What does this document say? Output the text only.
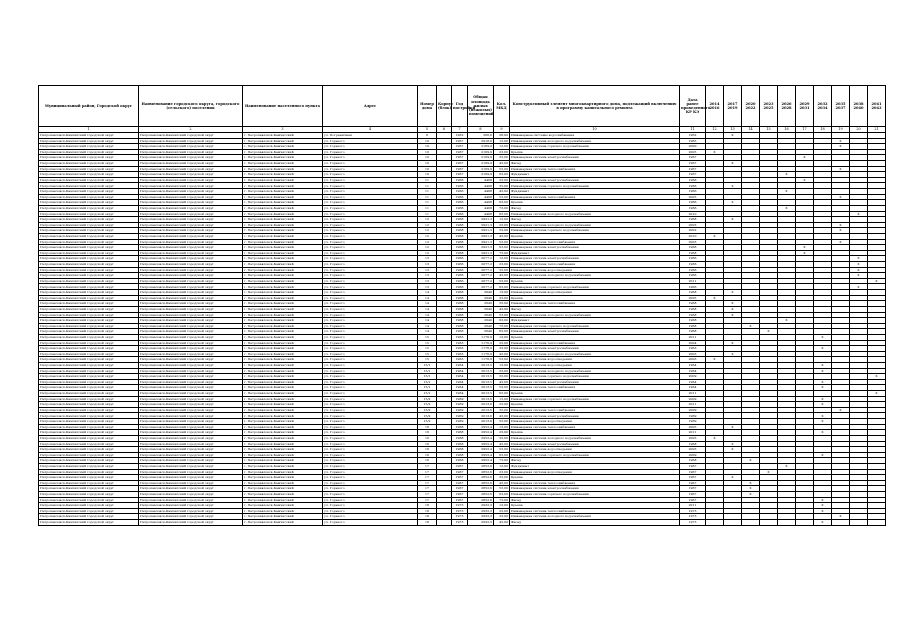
Муниципальный район, Городской округ	Наименование городского округа, городского (сельского) поселения	Наименование населенного пункта	Адрес	Номер дома	Корпус (блок)	Год постройки	Общая площадь жилых (нежилых) помещений	Кол. МКД	Конструктивный элемент многоквартирного дома, подлежащий включению в программу капитального ремонта	Дата ранее проведенного КР КЭ	2014 2016	2017 2019	2020 2022	2023 2025	2026 2028	2029 2031	2032 2034	2035 2037	2038 2040	2041 2043
1	2	3	4	5	6	7	8	9	10	11	12	13	14	15	16	17	18	19	20	21
Петропавловск-Камчатский городской округ	Петропавловск-Камчатский городской округ	г. Петропавловск-Камчатский	ул. Пограничная	8		1962	306,6	28,00	Инженерные системы водоснабжения	1962		X								
Петропавловск-Камчатский городской округ	Петропавловск-Камчатский городской округ	г. Петропавловск-Камчатский	ул. Горького	10		1967	2918,0	12,00	Инженерная система холодного водоснабжения	1965								X		
Петропавловск-Камчатский городской округ	Петропавловск-Камчатский городской округ	г. Петропавловск-Камчатский	ул. Горького	10		1967	2169,9	13,00	Инженерная система горячего водоснабжения	2000								X		
Петропавловск-Камчатский городской округ	Петропавловск-Камчатский городской округ	г. Петропавловск-Камчатский	ул. Горького	10		1967	2169,9	23,00	Крыша	2005	X									
Петропавловск-Камчатский городской округ	Петропавловск-Камчатский городской округ	г. Петропавловск-Камчатский	ул. Горького	10		1967	2169,9	33,00	Инженерная система электроснабжения	1967						X				
Петропавловск-Камчатский городской округ	Петропавловск-Камчатский городской округ	г. Петропавловск-Камчатский	ул. Горького	10		1967	2169,9	43,00	Фасад	1967		X								
Петропавловск-Камчатский городской округ	Петропавловск-Камчатский городской округ	г. Петропавловск-Камчатский	ул. Горького	10		1967	2169,9	53,00	Инженерная система теплоснабжения	1967								X		
Петропавловск-Камчатский городской округ	Петропавловск-Камчатский городской округ	г. Петропавловск-Камчатский	ул. Горького	10		1967	2169,9	63,00	Фундамент	1967					X					
Петропавловск-Камчатский городской округ	Петропавловск-Камчатский городской округ	г. Петропавловск-Камчатский	ул. Горького	11		1966	4408	23,00	Инженерная система электроснабжения	1966						X				
Петропавловск-Камчатский городской округ	Петропавловск-Камчатский городской округ	г. Петропавловск-Камчатский	ул. Горького	11		1966	4408	33,00	Инженерная система горячего водоснабжения	1966		X								
Петропавловск-Камчатский городской округ	Петропавловск-Камчатский городской округ	г. Петропавловск-Камчатский	ул. Горького	11		1966	4408	43,00	Фундамент	1966					X					
Петропавловск-Камчатский городской округ	Петропавловск-Камчатский городской округ	г. Петропавловск-Камчатский	ул. Горького	11		1966	4408	53,00	Инженерная система теплоснабжения	2005								X		
Петропавловск-Камчатский городской округ	Петропавловск-Камчатский городской округ	г. Петропавловск-Камчатский	ул. Горького	11		1966	4408	63,00	Крыша	1966		X								
Петропавловск-Камчатский городской округ	Петропавловск-Камчатский городской округ	г. Петропавловск-Камчатский	ул. Горького	11		1966	4408	73,00	Фасад	1966					X					
Петропавловск-Камчатский городской округ	Петропавловск-Камчатский городской округ	г. Петропавловск-Камчатский	ул. Горького	11		1966	4408	83,00	Инженерная система холодного водоснабжения	2010									X	
Петропавловск-Камчатский городской округ	Петропавловск-Камчатский городской округ	г. Петропавловск-Камчатский	ул. Горького	12		1968	2921,3	13,00	Фасад	1968		X								
Петропавловск-Камчатский городской округ	Петропавловск-Камчатский городской округ	г. Петропавловск-Камчатский	ул. Горького	12		1968	2921,3	23,00	Инженерная система холодного водоснабжения	2003								X		
Петропавловск-Камчатский городской округ	Петропавловск-Камчатский городской округ	г. Петропавловск-Камчатский	ул. Горького	12		1968	2921,3	33,00	Инженерная система горячего водоснабжения	2002								X		
Петропавловск-Камчатский городской округ	Петропавловск-Камчатский городской округ	г. Петропавловск-Камчатский	ул. Горького	12		1968	2921,3	43,00	Крыша	2010	X									
Петропавловск-Камчатский городской округ	Петропавловск-Камчатский городской округ	г. Петропавловск-Камчатский	ул. Горького	12		1968	2921,3	53,00	Инженерная система теплоснабжения	2003								X		
Петропавловск-Камчатский городской округ	Петропавловск-Камчатский городской округ	г. Петропавловск-Камчатский	ул. Горького	12		1968	2921,3	63,00	Инженерная система электроснабжения	1968						X				
Петропавловск-Камчатский городской округ	Петропавловск-Камчатский городской округ	г. Петропавловск-Камчатский	ул. Горького	12		1968	2921,3	73,00	Фундамент	1968						X				
Петропавловск-Камчатский городской округ	Петропавловск-Камчатский городской округ	г. Петропавловск-Камчатский	ул. Горького	13		1966	2077,2	13,00	Инженерная система электроснабжения	1966									X	
Петропавловск-Камчатский городской округ	Петропавловск-Камчатский городской округ	г. Петропавловск-Камчатский	ул. Горького	13		1966	2077,2	23,00	Инженерная система теплоснабжения	1966									X	
Петропавловск-Камчатский городской округ	Петропавловск-Камчатский городской округ	г. Петропавловск-Камчатский	ул. Горького	13		1966	2077,2	33,00	Инженерная система водоотведения	1966									X	
Петропавловск-Камчатский городской округ	Петропавловск-Камчатский городской округ	г. Петропавловск-Камчатский	ул. Горького	13		1966	2077,2	43,00	Инженерная система холодного водоснабжения	1966									X	
Петропавловск-Камчатский городской округ	Петропавловск-Камчатский городской округ	г. Петропавловск-Камчатский	ул. Горького	13		1966	2077,2	53,00	Крыша	2011										X
Петропавловск-Камчатский городской округ	Петропавловск-Камчатский городской округ	г. Петропавловск-Камчатский	ул. Горького	13		1966	2077,2	63,00	Инженерная система горячего водоснабжения	1966									X	
Петропавловск-Камчатский городской округ	Петропавловск-Камчатский городской округ	г. Петропавловск-Камчатский	ул. Горького	14		1968	2640	13,00	Инженерная система водоотведения	1968		X								
Петропавловск-Камчатский городской округ	Петропавловск-Камчатский городской округ	г. Петропавловск-Камчатский	ул. Горького	14		1968	2640	23,00	Крыша	2005	X									
Петропавловск-Камчатский городской округ	Петропавловск-Камчатский городской округ	г. Петропавловск-Камчатский	ул. Горького	14		1968	2640	33,00	Инженерная система теплоснабжения	1968		X								
Петропавловск-Камчатский городской округ	Петропавловск-Камчатский городской округ	г. Петропавловск-Камчатский	ул. Горького	14		1968	2640	43,00	Фасад	1968		X								
Петропавловск-Камчатский городской округ	Петропавловск-Камчатский городской округ	г. Петропавловск-Камчатский	ул. Горького	14		1968	2640	53,00	Инженерная система холодного водоснабжения	1968		X								
Петропавловск-Камчатский городской округ	Петропавловск-Камчатский городской округ	г. Петропавловск-Камчатский	ул. Горького	14		1968	2640	63,00	Фундамент	1968					X					
Петропавловск-Камчатский городской округ	Петропавловск-Камчатский городской округ	г. Петропавловск-Камчатский	ул. Горького	14		1968	2640	73,00	Инженерная система горячего водоснабжения	1968			X							
Петропавловск-Камчатский городской округ	Петропавловск-Камчатский городской округ	г. Петропавловск-Камчатский	ул. Горького	14		1968	2640	83,00	Инженерная система электроснабжения	1968				X						
Петропавловск-Камчатский городской округ	Петропавловск-Камчатский городской округ	г. Петропавловск-Камчатский	ул. Горького	15		1963	1176,9	13,00	Крыша	2011							X			
Петропавловск-Камчатский городской округ	Петропавловск-Камчатский городской округ	г. Петропавловск-Камчатский	ул. Горького	15		1963	1176,9	23,00	Инженерная система теплоснабжения	2004		X								
Петропавловск-Камчатский городской округ	Петропавловск-Камчатский городской округ	г. Петропавловск-Камчатский	ул. Горького	15		1963	1176,9	33,00	Инженерная система электроснабжения	1963							X			
Петропавловск-Камчатский городской округ	Петропавловск-Камчатский городской округ	г. Петропавловск-Камчатский	ул. Горького	15		1963	1176,9	43,00	Инженерная система холодного водоснабжения	2003		X								
Петропавловск-Камчатский городской округ	Петропавловск-Камчатский городской округ	г. Петропавловск-Камчатский	ул. Горького	15		1963	1176,9	53,00	Инженерная система водоотведения	2003	X									
Петропавловск-Камчатский городской округ	Петропавловск-Камчатский городской округ	г. Петропавловск-Камчатский	ул. Горького	15/1		1964	2013,5	13,00	Инженерная система водоотведения	1964							X			
Петропавловск-Камчатский городской округ	Петропавловск-Камчатский городской округ	г. Петропавловск-Камчатский	ул. Горького	15/1		1964	2013,5	23,00	Инженерная система холодного водоснабжения	1964							X			
Петропавловск-Камчатский городской округ	Петропавловск-Камчатский городской округ	г. Петропавловск-Камчатский	ул. Горького	15/1		1964	2013,5	33,00	Инженерная система горячего водоснабжения	2009										X
Петропавловск-Камчатский городской округ	Петропавловск-Камчатский городской округ	г. Петропавловск-Камчатский	ул. Горького	15/1		1964	2013,5	43,00	Инженерная система электроснабжения	1964							X			
Петропавловск-Камчатский городской округ	Петропавловск-Камчатский городской округ	г. Петропавловск-Камчатский	ул. Горького	15/1		1964	2013,5	53,00	Инженерная система теплоснабжения	1964							X			
Петропавловск-Камчатский городской округ	Петропавловск-Камчатский городской округ	г. Петропавловск-Камчатский	ул. Горького	15/1		1964	2013,5	63,00	Крыша	2011										X
Петропавловск-Камчатский городской округ	Петропавловск-Камчатский городской округ	г. Петропавловск-Камчатский	ул. Горького	15/2		1969	2013,6	13,00	Инженерная система горячего водоснабжения	2009							X			
Петропавловск-Камчатский городской округ	Петропавловск-Камчатский городской округ	г. Петропавловск-Камчатский	ул. Горького	15/2		1969	2013,6	23,00	Крыша	2011							X			
Петропавловск-Камчатский городской округ	Петропавловск-Камчатский городской округ	г. Петропавловск-Камчатский	ул. Горького	15/2		1969	2013,6	33,00	Инженерная система теплоснабжения	2009								X		
Петропавловск-Камчатский городской округ	Петропавловск-Камчатский городской округ	г. Петропавловск-Камчатский	ул. Горького	15/2		1969	2013,6	43,00	Инженерная система электроснабжения	1969							X			
Петропавловск-Камчатский городской округ	Петропавловск-Камчатский городской округ	г. Петропавловск-Камчатский	ул. Горького	15/2		1969	2013,6	53,00	Инженерная система водоотведения	1969							X			
Петропавловск-Камчатский городской округ	Петропавловск-Камчатский городской округ	г. Петропавловск-Камчатский	ул. Горького	16		1968	2952,4	13,00	Инженерная система теплоснабжения	2005		X								
Петропавловск-Камчатский городской округ	Петропавловск-Камчатский городской округ	г. Петропавловск-Камчатский	ул. Горького	16		1968	2952,4	23,00	Крыша	2011							X			
Петропавловск-Камчатский городской округ	Петропавловск-Камчатский городской округ	г. Петропавловск-Камчатский	ул. Горького	16		1968	2952,4	33,00	Инженерная система холодного водоснабжения	2003	X									
Петропавловск-Камчатский городской округ	Петропавловск-Камчатский городской округ	г. Петропавловск-Камчатский	ул. Горького	16		1968	2952,4	43,00	Инженерная система электроснабжения	1968		X								
Петропавловск-Камчатский городской округ	Петропавловск-Камчатский городской округ	г. Петропавловск-Камчатский	ул. Горького	16		1968	2952,4	53,00	Инженерная система водоотведения	2003		X								
Петропавловск-Камчатский городской округ	Петропавловск-Камчатский городской округ	г. Петропавловск-Камчатский	ул. Горького	16		1968	2952,4	63,00	Инженерная система горячего водоснабжения	2009							X			
Петропавловск-Камчатский городской округ	Петропавловск-Камчатский городской округ	г. Петропавловск-Камчатский	ул. Горького	16		1968	2952,4	73,00	Фасад	1968			X							
Петропавловск-Камчатский городской округ	Петропавловск-Камчатский городской округ	г. Петропавловск-Камчатский	ул. Горького	17		1967	2852,6	13,00	Фундамент	1967					X					
Петропавловск-Камчатский городской округ	Петропавловск-Камчатский городской округ	г. Петропавловск-Камчатский	ул. Горького	17		1967	2852,6	23,00	Инженерная система водоотведения	1967				X						
Петропавловск-Камчатский городской округ	Петропавловск-Камчатский городской округ	г. Петропавловск-Камчатский	ул. Горького	17		1967	2852,6	33,00	Крыша	1967		X								
Петропавловск-Камчатский городской округ	Петропавловск-Камчатский городской округ	г. Петропавловск-Камчатский	ул. Горького	17		1967	2852,6	43,00	Инженерная система теплоснабжения	1967			X							
Петропавловск-Камчатский городской округ	Петропавловск-Камчатский городской округ	г. Петропавловск-Камчатский	ул. Горького	17		1967	2852,6	53,00	Инженерная система электроснабжения	1967			X							
Петропавловск-Камчатский городской округ	Петропавловск-Камчатский городской округ	г. Петропавловск-Камчатский	ул. Горького	17		1967	2852,6	63,00	Инженерная система горячего водоснабжения	1967			X							
Петропавловск-Камчатский городской округ	Петропавловск-Камчатский городской округ	г. Петропавловск-Камчатский	ул. Горького	17		1967	2852,6	73,00	Фасад	1967							X			
Петропавловск-Камчатский городской округ	Петропавловск-Камчатский городской округ	г. Петропавловск-Камчатский	ул. Горького	18		1973	2932,3	13,00	Крыша	2011							X			
Петропавловск-Камчатский городской округ	Петропавловск-Камчатский городской округ	г. Петропавловск-Камчатский	ул. Горького	18		1973	2932,3	23,00	Инженерная система теплоснабжения	1973							X			
Петропавловск-Камчатский городской округ	Петропавловск-Камчатский городской округ	г. Петропавловск-Камчатский	ул. Горького	18		1973	2932,3	33,00	Инженерная система холодного водоснабжения	1973								X		
Петропавловск-Камчатский городской округ	Петропавловск-Камчатский городской округ	г. Петропавловск-Камчатский	ул. Горького	18		1973	2932,3	43,00	Фасад	1973							X			
